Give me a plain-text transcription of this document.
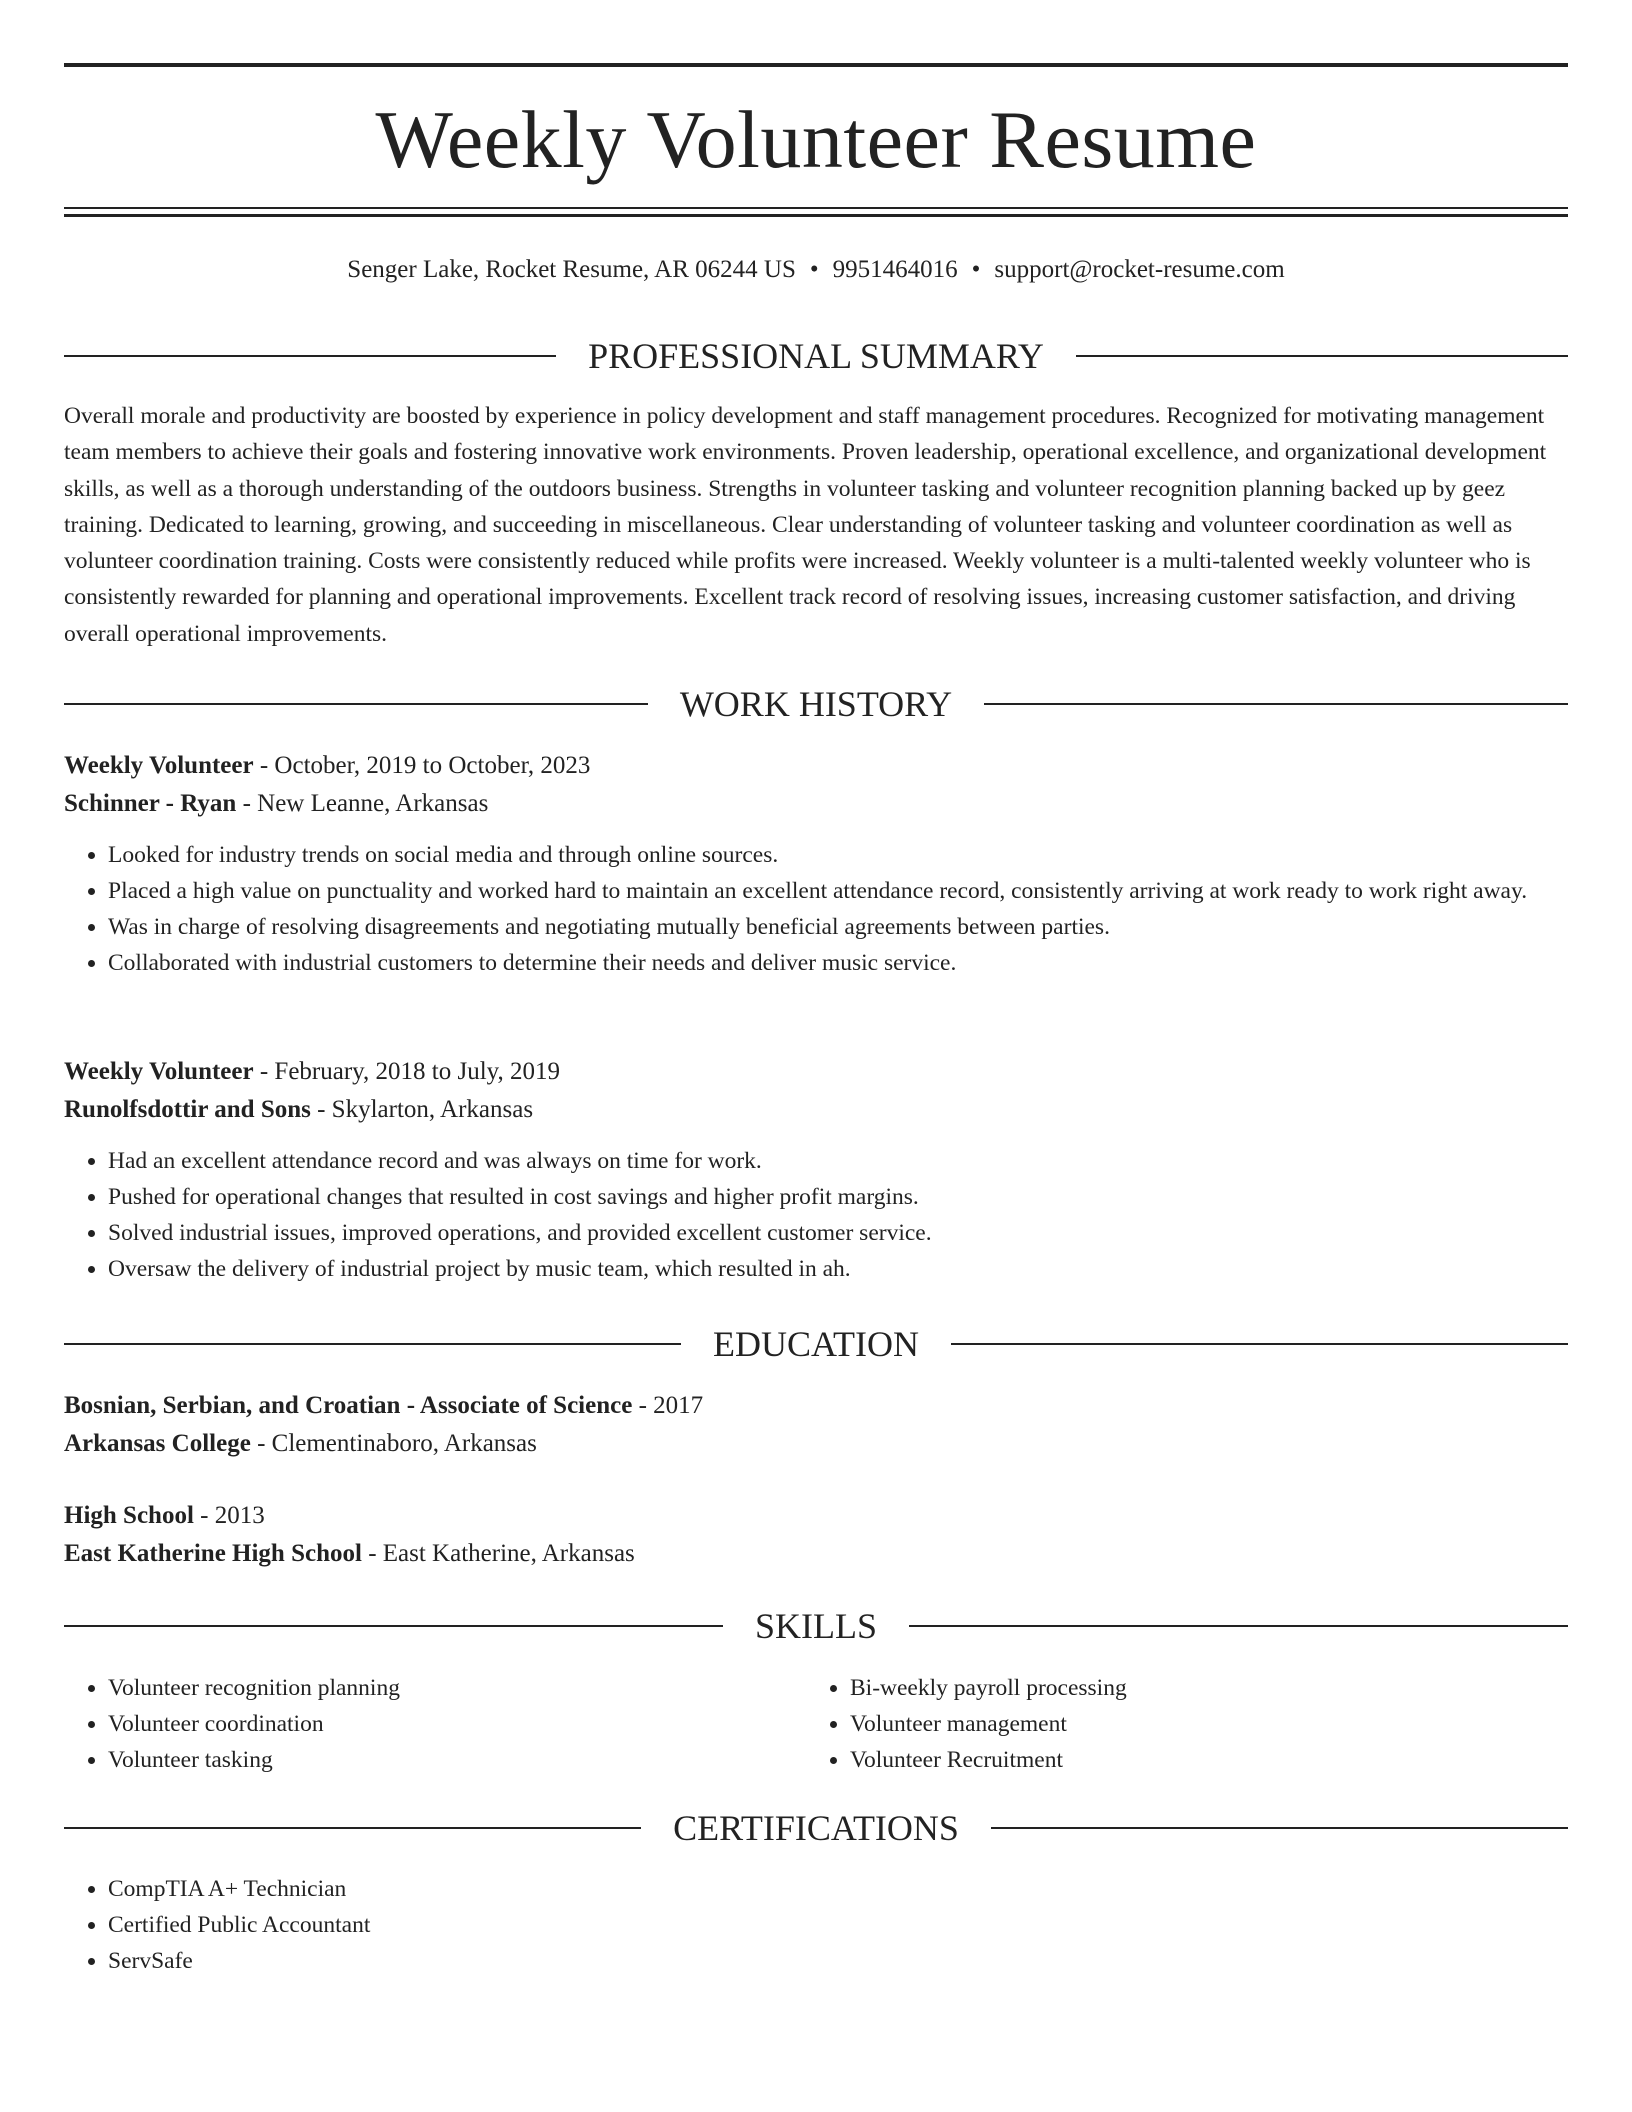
Weekly Volunteer Resume
Senger Lake, Rocket Resume, AR 06244 US • 9951464016 • support@rocket-resume.com
PROFESSIONAL SUMMARY
Overall morale and productivity are boosted by experience in policy development and staff management procedures. Recognized for motivating management team members to achieve their goals and fostering innovative work environments. Proven leadership, operational excellence, and organizational development skills, as well as a thorough understanding of the outdoors business. Strengths in volunteer tasking and volunteer recognition planning backed up by geez training. Dedicated to learning, growing, and succeeding in miscellaneous. Clear understanding of volunteer tasking and volunteer coordination as well as volunteer coordination training. Costs were consistently reduced while profits were increased. Weekly volunteer is a multi-talented weekly volunteer who is consistently rewarded for planning and operational improvements. Excellent track record of resolving issues, increasing customer satisfaction, and driving overall operational improvements.
WORK HISTORY
Weekly Volunteer - October, 2019 to October, 2023
Schinner - Ryan - New Leanne, Arkansas
• Looked for industry trends on social media and through online sources.
• Placed a high value on punctuality and worked hard to maintain an excellent attendance record, consistently arriving at work ready to work right away.
• Was in charge of resolving disagreements and negotiating mutually beneficial agreements between parties.
• Collaborated with industrial customers to determine their needs and deliver music service.
Weekly Volunteer - February, 2018 to July, 2019
Runolfsdottir and Sons - Skylarton, Arkansas
• Had an excellent attendance record and was always on time for work.
• Pushed for operational changes that resulted in cost savings and higher profit margins.
• Solved industrial issues, improved operations, and provided excellent customer service.
• Oversaw the delivery of industrial project by music team, which resulted in ah.
EDUCATION
Bosnian, Serbian, and Croatian - Associate of Science - 2017
Arkansas College - Clementinaboro, Arkansas
High School - 2013
East Katherine High School - East Katherine, Arkansas
SKILLS
• Volunteer recognition planning
• Volunteer coordination
• Volunteer tasking
• Bi-weekly payroll processing
• Volunteer management
• Volunteer Recruitment
CERTIFICATIONS
• CompTIA A+ Technician
• Certified Public Accountant
• ServSafe
